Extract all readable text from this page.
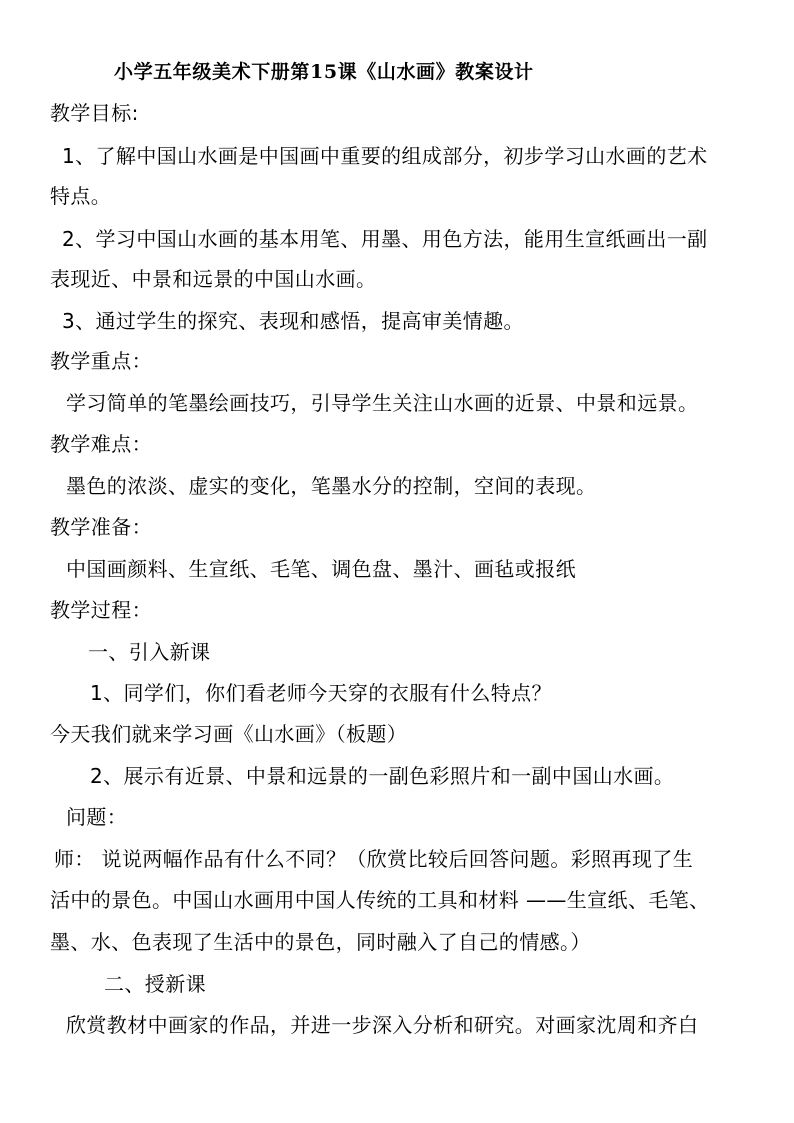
小学五年级美术下册第15课《山水画》教案设计
教学目标:
1、了解中国山水画是中国画中重要的组成部分，初步学习山水画的艺术
特点。
2、学习中国山水画的基本用笔、用墨、用色方法，能用生宣纸画出一副
表现近、中景和远景的中国山水画。
3、通过学生的探究、表现和感悟，提高审美情趣。
教学重点：
学习简单的笔墨绘画技巧，引导学生关注山水画的近景、中景和远景。
教学难点：
墨色的浓淡、虚实的变化，笔墨水分的控制，空间的表现。
教学准备：
中国画颜料、生宣纸、毛笔、调色盘、墨汁、画毡或报纸
教学过程：
一、引入新课
1、同学们，你们看老师今天穿的衣服有什么特点？
今天我们就来学习画《山水画》（板题）
2、展示有近景、中景和远景的一副色彩照片和一副中国山水画。
问题：
师： 说说两幅作品有什么不同？（欣赏比较后回答问题。彩照再现了生
活中的景色。中国山水画用中国人传统的工具和材料 ——生宣纸、毛笔、
墨、水、色表现了生活中的景色，同时融入了自己的情感。）
二、授新课
欣赏教材中画家的作品，并进一步深入分析和研究。对画家沈周和齐白
